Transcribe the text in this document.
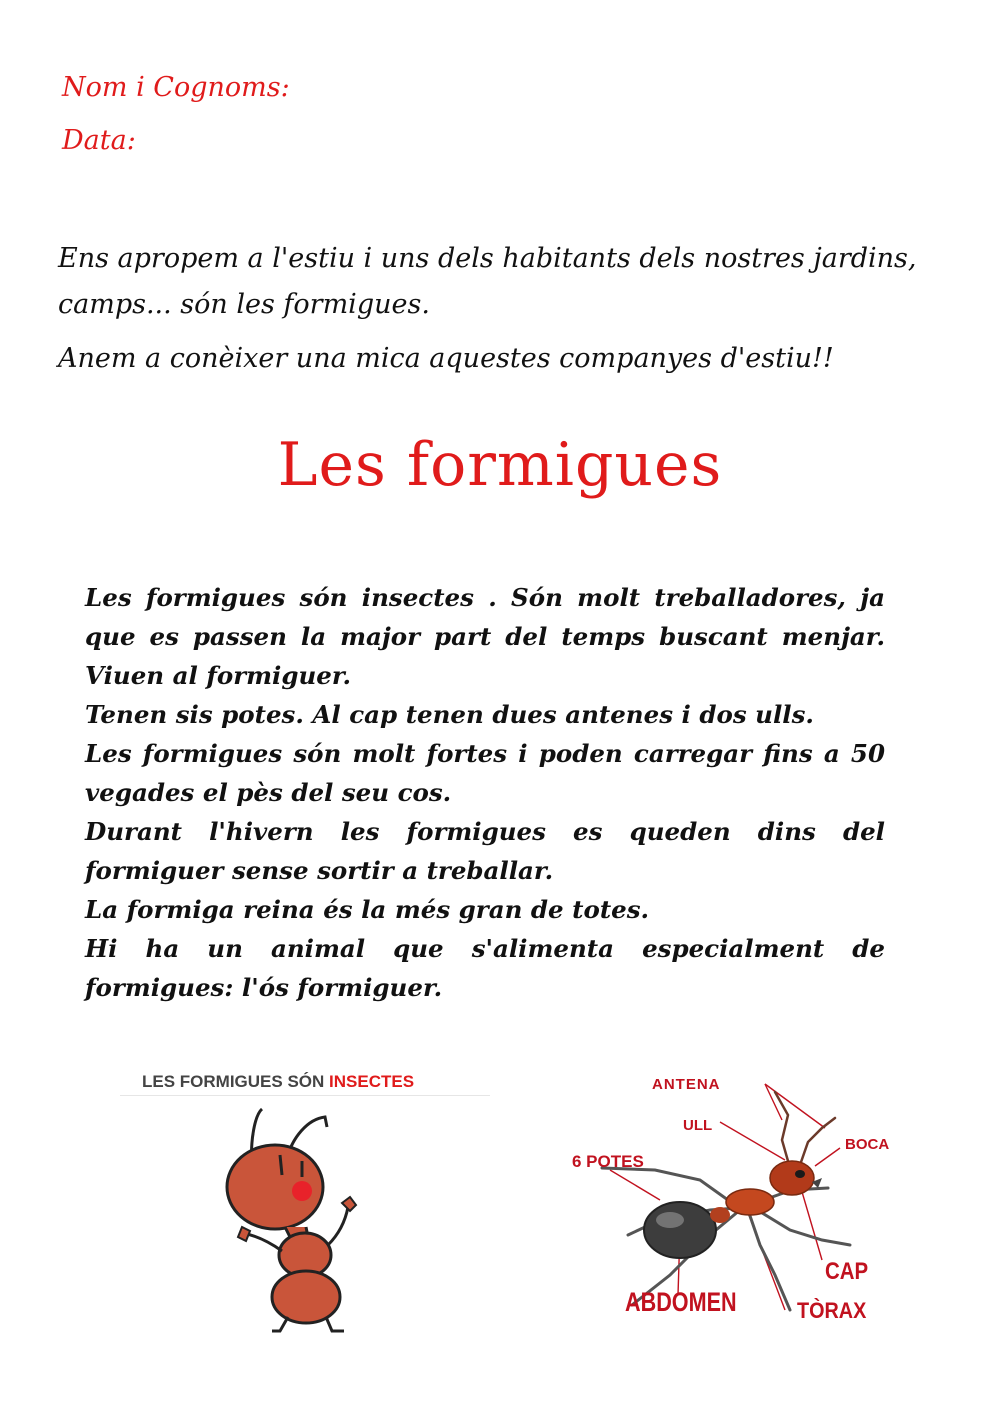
Nom i Cognoms:
Data:
Ens apropem a l'estiu i uns dels habitants dels nostres jardins, camps... són les formigues.
Anem a conèixer una mica aquestes companyes d'estiu!!
Les formigues

Les formigues són insectes . Són molt treballadores, ja que es passen la major part del temps buscant menjar. Viuen al formiguer.

Tenen sis potes. Al cap tenen dues antenes i dos ulls.

Les formigues són molt fortes i poden carregar fins a 50 vegades el pès del seu cos.

Durant l'hivern les formigues es queden dins del formiguer sense sortir a treballar.

La formiga reina és la més gran de totes.

Hi ha un animal que s'alimenta especialment de formigues: l'ós formiguer.

LES FORMIGUES SÓN INSECTES	ANTENA
ULL
BOCA
6 POTES
CAP
ABDOMEN	TÒRAX
